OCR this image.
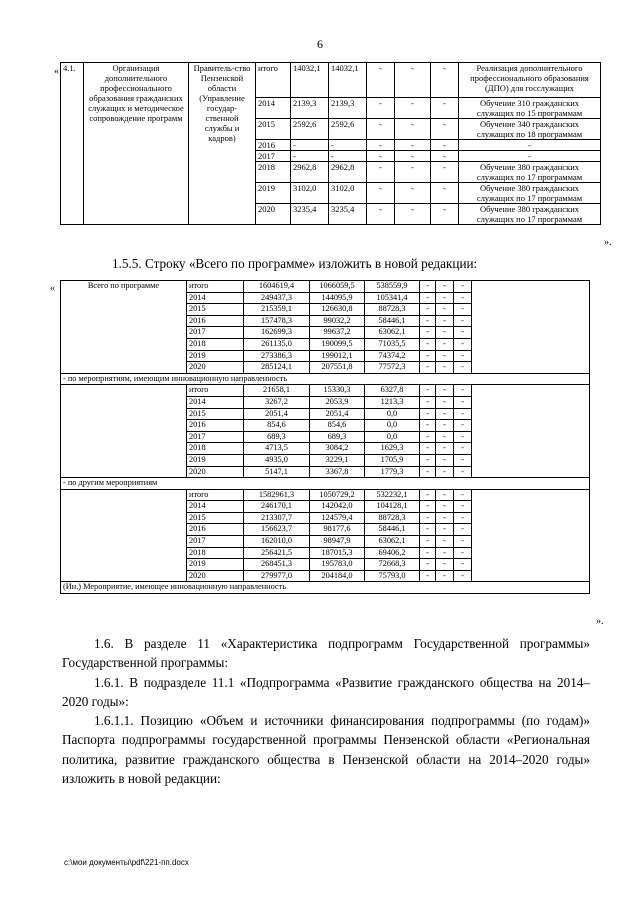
6
«
».
4.1.	Организация дополнительного профессионального образования гражданских служащих и методическое сопровождение программ	Правитель-ство Пензенской области (Управление государ-ственной службы и кадров)	итого	14032,1	14032,1	-	-	-	Реализация дополнительного профессионального образования (ДПО) для госслужащих
			2014	2139,3	2139,3	-	-	-	Обучение 310 гражданских служащих по 15 программам
			2015	2592,6	2592,6	-	-	-	Обучение 340 гражданских служащих по 18 программам
			2016	-	-	-	-	-	-
			2017	-	-	-	-	-	-
			2018	2962,8	2962,8	-	-	-	Обучение 380 гражданских служащих по 17 программам
			2019	3102,0	3102,0	-	-	-	Обучение 380 гражданских служащих по 17 программам
			2020	3235,4	3235,4	-	-	-	Обучение 380 гражданских служащих по 17 программам
1.5.5. Строку «Всего по программе» изложить в новой редакции:
«
».
Всего по программе	итого	1604619,4	1066059,5	538559,9	-	-	-	
	2014	249437,3	144095,9	105341,4	-	-	-	
	2015	215359,1	126630,8	88728,3	-	-	-	
	2016	157478,3	99032,2	58446,1	-	-	-	
	2017	162699,3	99637,2	63062,1	-	-	-	
	2018	261135,0	190099,5	71035,5	-	-	-	
	2019	273386,3	199012,1	74374,2	-	-	-	
	2020	285124,1	207551,8	77572,3	-	-	-	
- по мероприятиям, имеющим инновационную направленность								
	итого	21658,1	15330,3	6327,8	-	-	-	
	2014	3267,2	2053,9	1213,3	-	-	-	
	2015	2051,4	2051,4	0,0	-	-	-	
	2016	854,6	854,6	0,0	-	-	-	
	2017	689,3	689,3	0,0	-	-	-	
	2018	4713,5	3084,2	1629,3	-	-	-	
	2019	4935,0	3229,1	1705,9	-	-	-	
	2020	5147,1	3367,8	1779,3	-	-	-	
- по другим мероприятиям								
	итого	1582961,3	1050729,2	532232,1	-	-	-	
	2014	246170,1	142042,0	104128,1	-	-	-	
	2015	213307,7	124579,4	88728,3	-	-	-	
	2016	156623,7	98177,6	58446,1	-	-	-	
	2017	162010,0	98947,9	63062,1	-	-	-	
	2018	256421,5	187015,3	69406,2	-	-	-	
	2019	268451,3	195783,0	72668,3	-	-	-	
	2020	279977,0	204184,0	75793,0	-	-	-	
(Ин.) Мероприятие, имеющее инновационную направленность								

1.6. В разделе 11 «Характеристика подпрограмм Государственной программы» Государственной программы:

1.6.1. В подразделе 11.1 «Подпрограмма «Развитие гражданского общества на 2014–2020 годы»:

1.6.1.1. Позицию «Объем и источники финансирования подпрограммы (по годам)» Паспорта подпрограммы государственной программы Пензенской области «Региональная политика, развитие гражданского общества в Пензенской области на 2014–2020 годы» изложить в новой редакции:

c:\мои документы\pdf\221-пп.docx
